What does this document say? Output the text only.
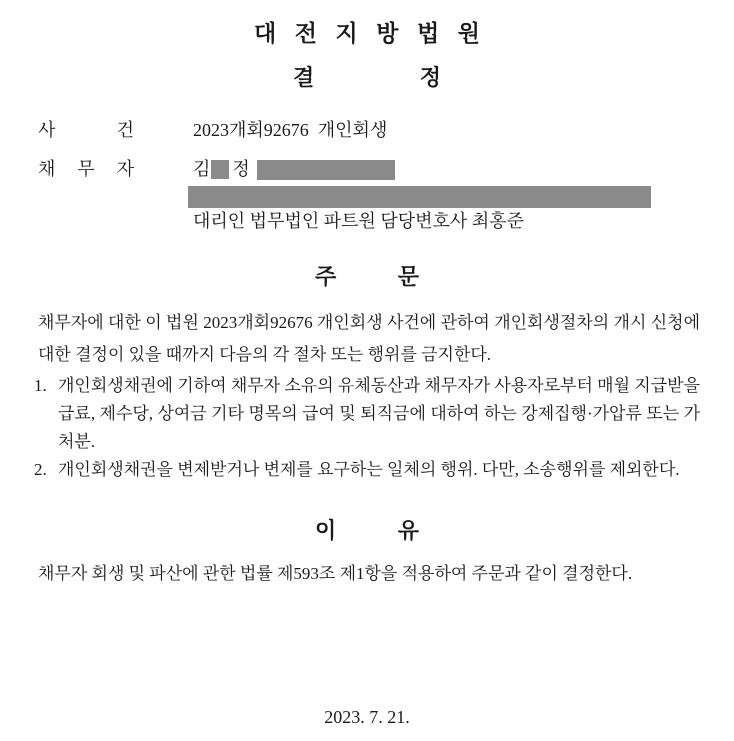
대 전 지 방 법 원
결 정
사 건	2023개회92676  개인회생
채 무 자	김 정
대리인 법무법인 파트원 담당변호사 최홍준
주 문
채무자에 대한 이 법원 2023개회92676 개인회생 사건에 관하여 개인회생절차의 개시 신청에 대한 결정이 있을 때까지 다음의 각 절차 또는 행위를 금지한다.
1. 개인회생채권에 기하여 채무자 소유의 유체동산과 채무자가 사용자로부터 매월 지급받을 급료, 제수당, 상여금 기타 명목의 급여 및 퇴직금에 대하여 하는 강제집행·가압류 또는 가처분.
2. 개인회생채권을 변제받거나 변제를 요구하는 일체의 행위. 다만, 소송행위를 제외한다.
이 유
채무자 회생 및 파산에 관한 법률 제593조 제1항을 적용하여 주문과 같이 결정한다.
2023. 7. 21.
